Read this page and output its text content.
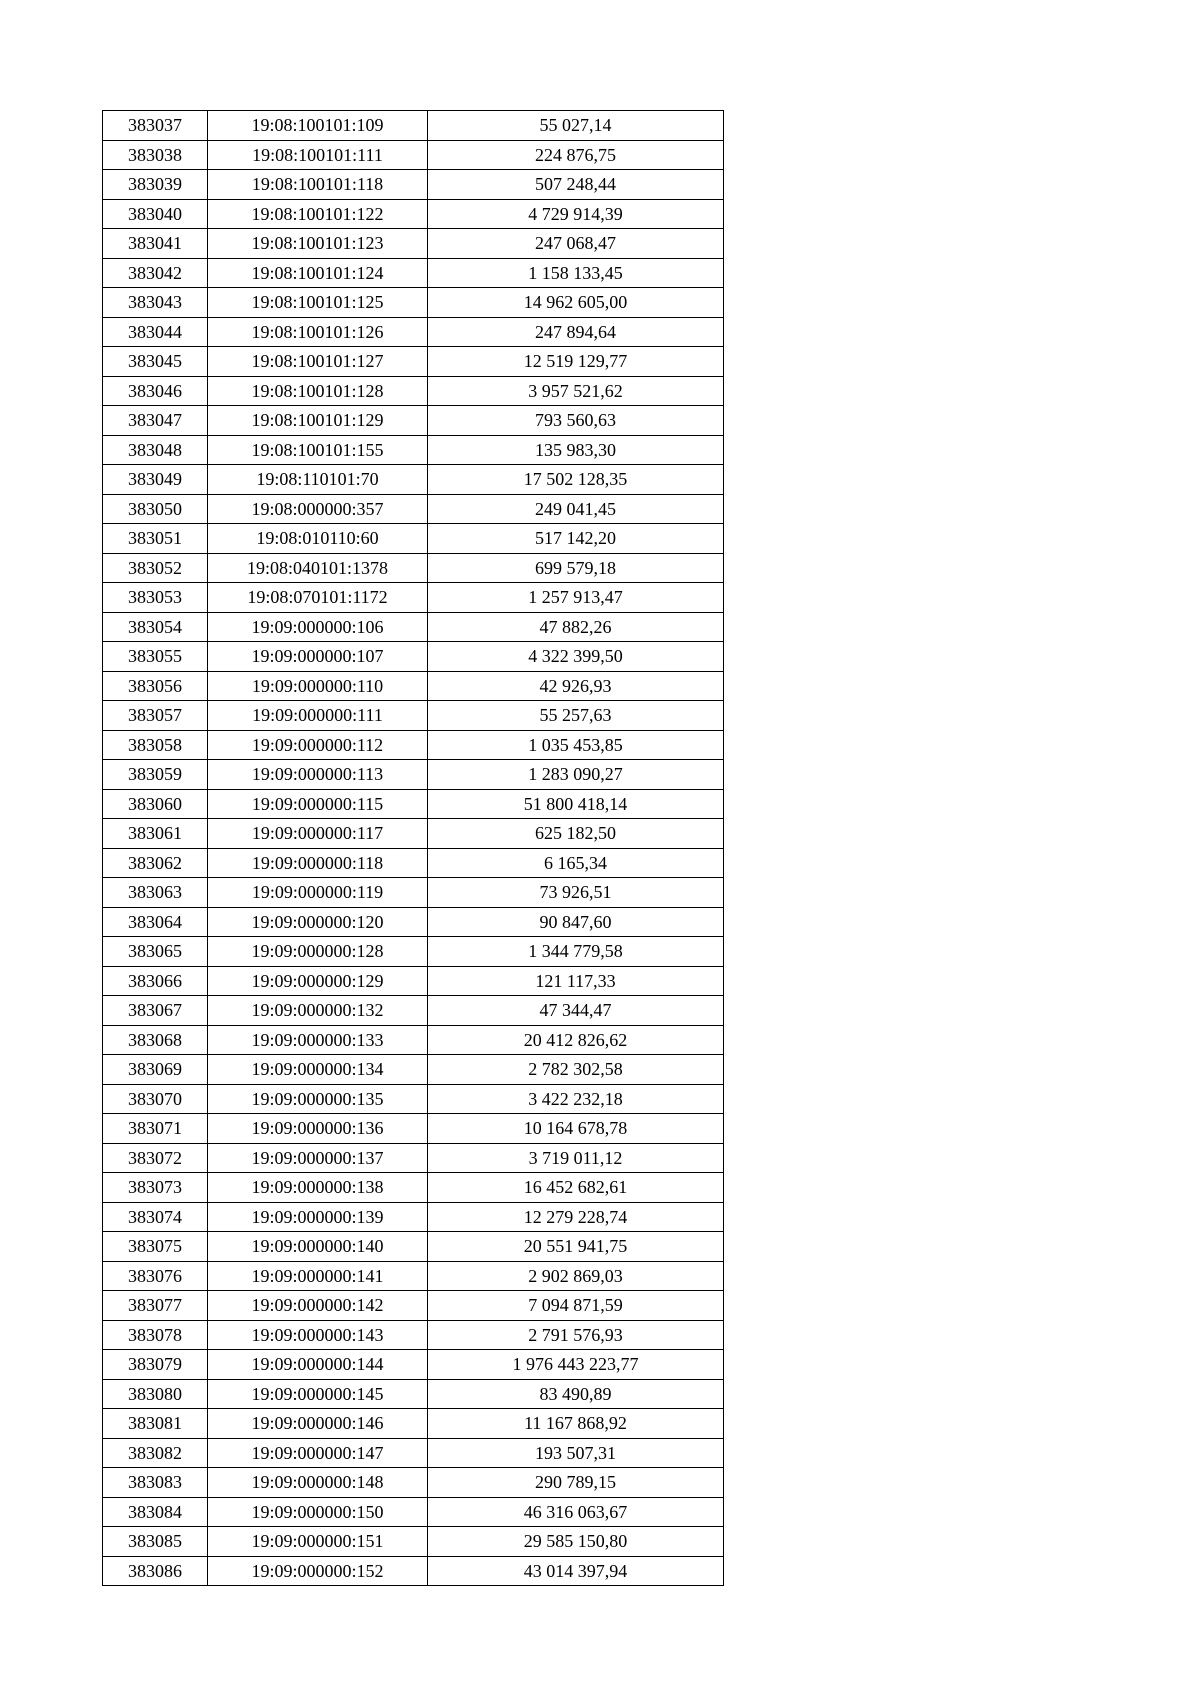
383037	19:08:100101:109	55 027,14
383038	19:08:100101:111	224 876,75
383039	19:08:100101:118	507 248,44
383040	19:08:100101:122	4 729 914,39
383041	19:08:100101:123	247 068,47
383042	19:08:100101:124	1 158 133,45
383043	19:08:100101:125	14 962 605,00
383044	19:08:100101:126	247 894,64
383045	19:08:100101:127	12 519 129,77
383046	19:08:100101:128	3 957 521,62
383047	19:08:100101:129	793 560,63
383048	19:08:100101:155	135 983,30
383049	19:08:110101:70	17 502 128,35
383050	19:08:000000:357	249 041,45
383051	19:08:010110:60	517 142,20
383052	19:08:040101:1378	699 579,18
383053	19:08:070101:1172	1 257 913,47
383054	19:09:000000:106	47 882,26
383055	19:09:000000:107	4 322 399,50
383056	19:09:000000:110	42 926,93
383057	19:09:000000:111	55 257,63
383058	19:09:000000:112	1 035 453,85
383059	19:09:000000:113	1 283 090,27
383060	19:09:000000:115	51 800 418,14
383061	19:09:000000:117	625 182,50
383062	19:09:000000:118	6 165,34
383063	19:09:000000:119	73 926,51
383064	19:09:000000:120	90 847,60
383065	19:09:000000:128	1 344 779,58
383066	19:09:000000:129	121 117,33
383067	19:09:000000:132	47 344,47
383068	19:09:000000:133	20 412 826,62
383069	19:09:000000:134	2 782 302,58
383070	19:09:000000:135	3 422 232,18
383071	19:09:000000:136	10 164 678,78
383072	19:09:000000:137	3 719 011,12
383073	19:09:000000:138	16 452 682,61
383074	19:09:000000:139	12 279 228,74
383075	19:09:000000:140	20 551 941,75
383076	19:09:000000:141	2 902 869,03
383077	19:09:000000:142	7 094 871,59
383078	19:09:000000:143	2 791 576,93
383079	19:09:000000:144	1 976 443 223,77
383080	19:09:000000:145	83 490,89
383081	19:09:000000:146	11 167 868,92
383082	19:09:000000:147	193 507,31
383083	19:09:000000:148	290 789,15
383084	19:09:000000:150	46 316 063,67
383085	19:09:000000:151	29 585 150,80
383086	19:09:000000:152	43 014 397,94
